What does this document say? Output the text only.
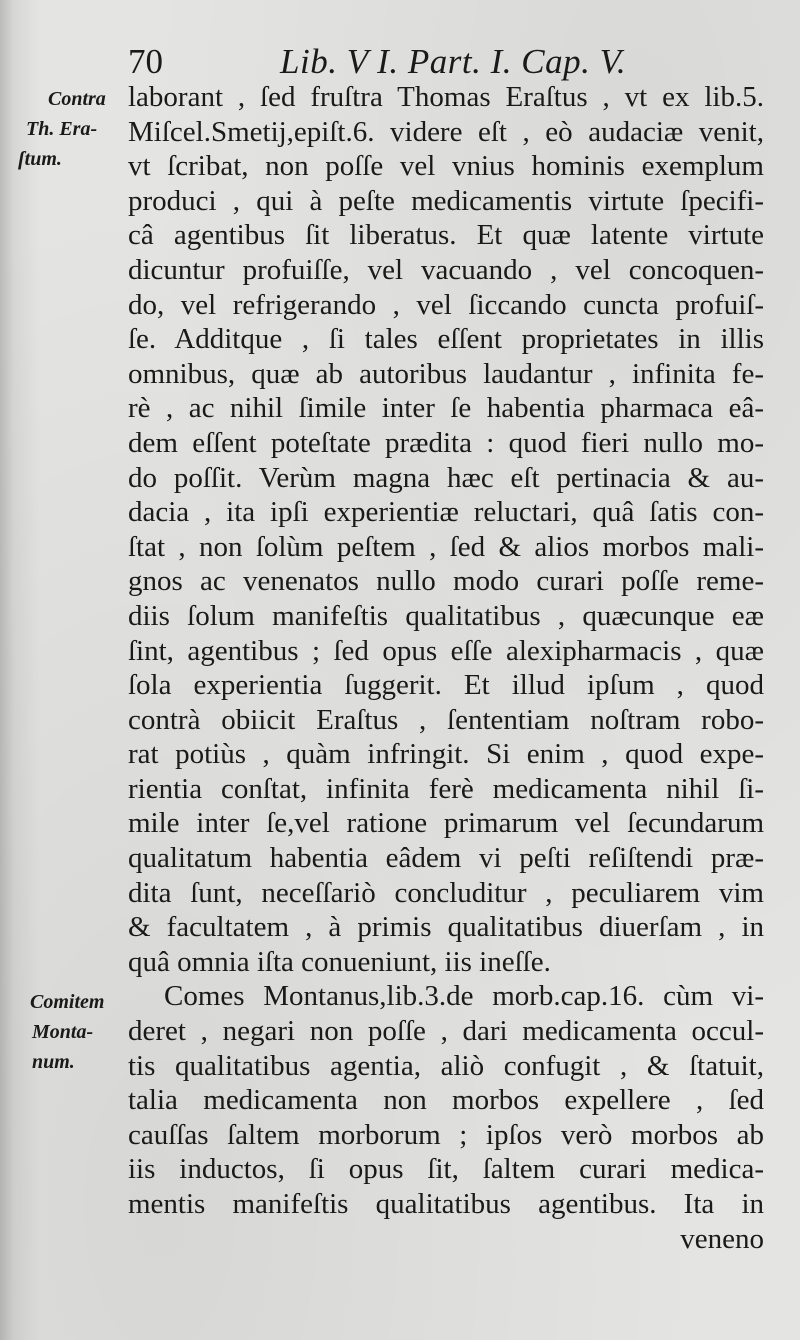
70	Lib. V I. Part. I. Cap. V.
Contra
Th. Era-
ſtum.
Comitem
Monta-
num.
laborant , ſed fruſtra Thomas Eraſtus , vt ex lib.5.
Miſcel.Smetij,epiſt.6. videre eſt , eò audaciæ venit,
vt ſcribat, non poſſe vel vnius hominis exemplum
produci , qui à peſte medicamentis virtute ſpecifi-
câ agentibus ſit liberatus. Et quæ latente virtute
dicuntur profuiſſe, vel vacuando , vel concoquen-
do, vel refrigerando , vel ſiccando cuncta profuiſ-
ſe. Additque , ſi tales eſſent proprietates in illis
omnibus, quæ ab autoribus laudantur , infinita fe-
rè , ac nihil ſimile inter ſe habentia pharmaca eâ-
dem eſſent poteſtate prædita : quod fieri nullo mo-
do poſſit. Verùm magna hæc eſt pertinacia & au-
dacia , ita ipſi experientiæ reluctari, quâ ſatis con-
ſtat , non ſolùm peſtem , ſed & alios morbos mali-
gnos ac venenatos nullo modo curari poſſe reme-
diis ſolum manifeſtis qualitatibus , quæcunque eæ
ſint, agentibus ; ſed opus eſſe alexipharmacis , quæ
ſola experientia ſuggerit. Et illud ipſum , quod
contrà obiicit Eraſtus , ſententiam noſtram robo-
rat potiùs , quàm infringit. Si enim , quod expe-
rientia conſtat, infinita ferè medicamenta nihil ſi-
mile inter ſe,vel ratione primarum vel ſecundarum
qualitatum habentia eâdem vi peſti reſiſtendi præ-
dita ſunt, neceſſariò concluditur , peculiarem vim
& facultatem , à primis qualitatibus diuerſam , in
quâ omnia iſta conueniunt, iis ineſſe.
Comes Montanus,lib.3.de morb.cap.16. cùm vi-
deret , negari non poſſe , dari medicamenta occul-
tis qualitatibus agentia, aliò confugit , & ſtatuit,
talia medicamenta non morbos expellere , ſed
cauſſas ſaltem morborum ; ipſos verò morbos ab
iis inductos, ſi opus ſit, ſaltem curari medica-
mentis manifeſtis qualitatibus agentibus. Ita in
veneno
